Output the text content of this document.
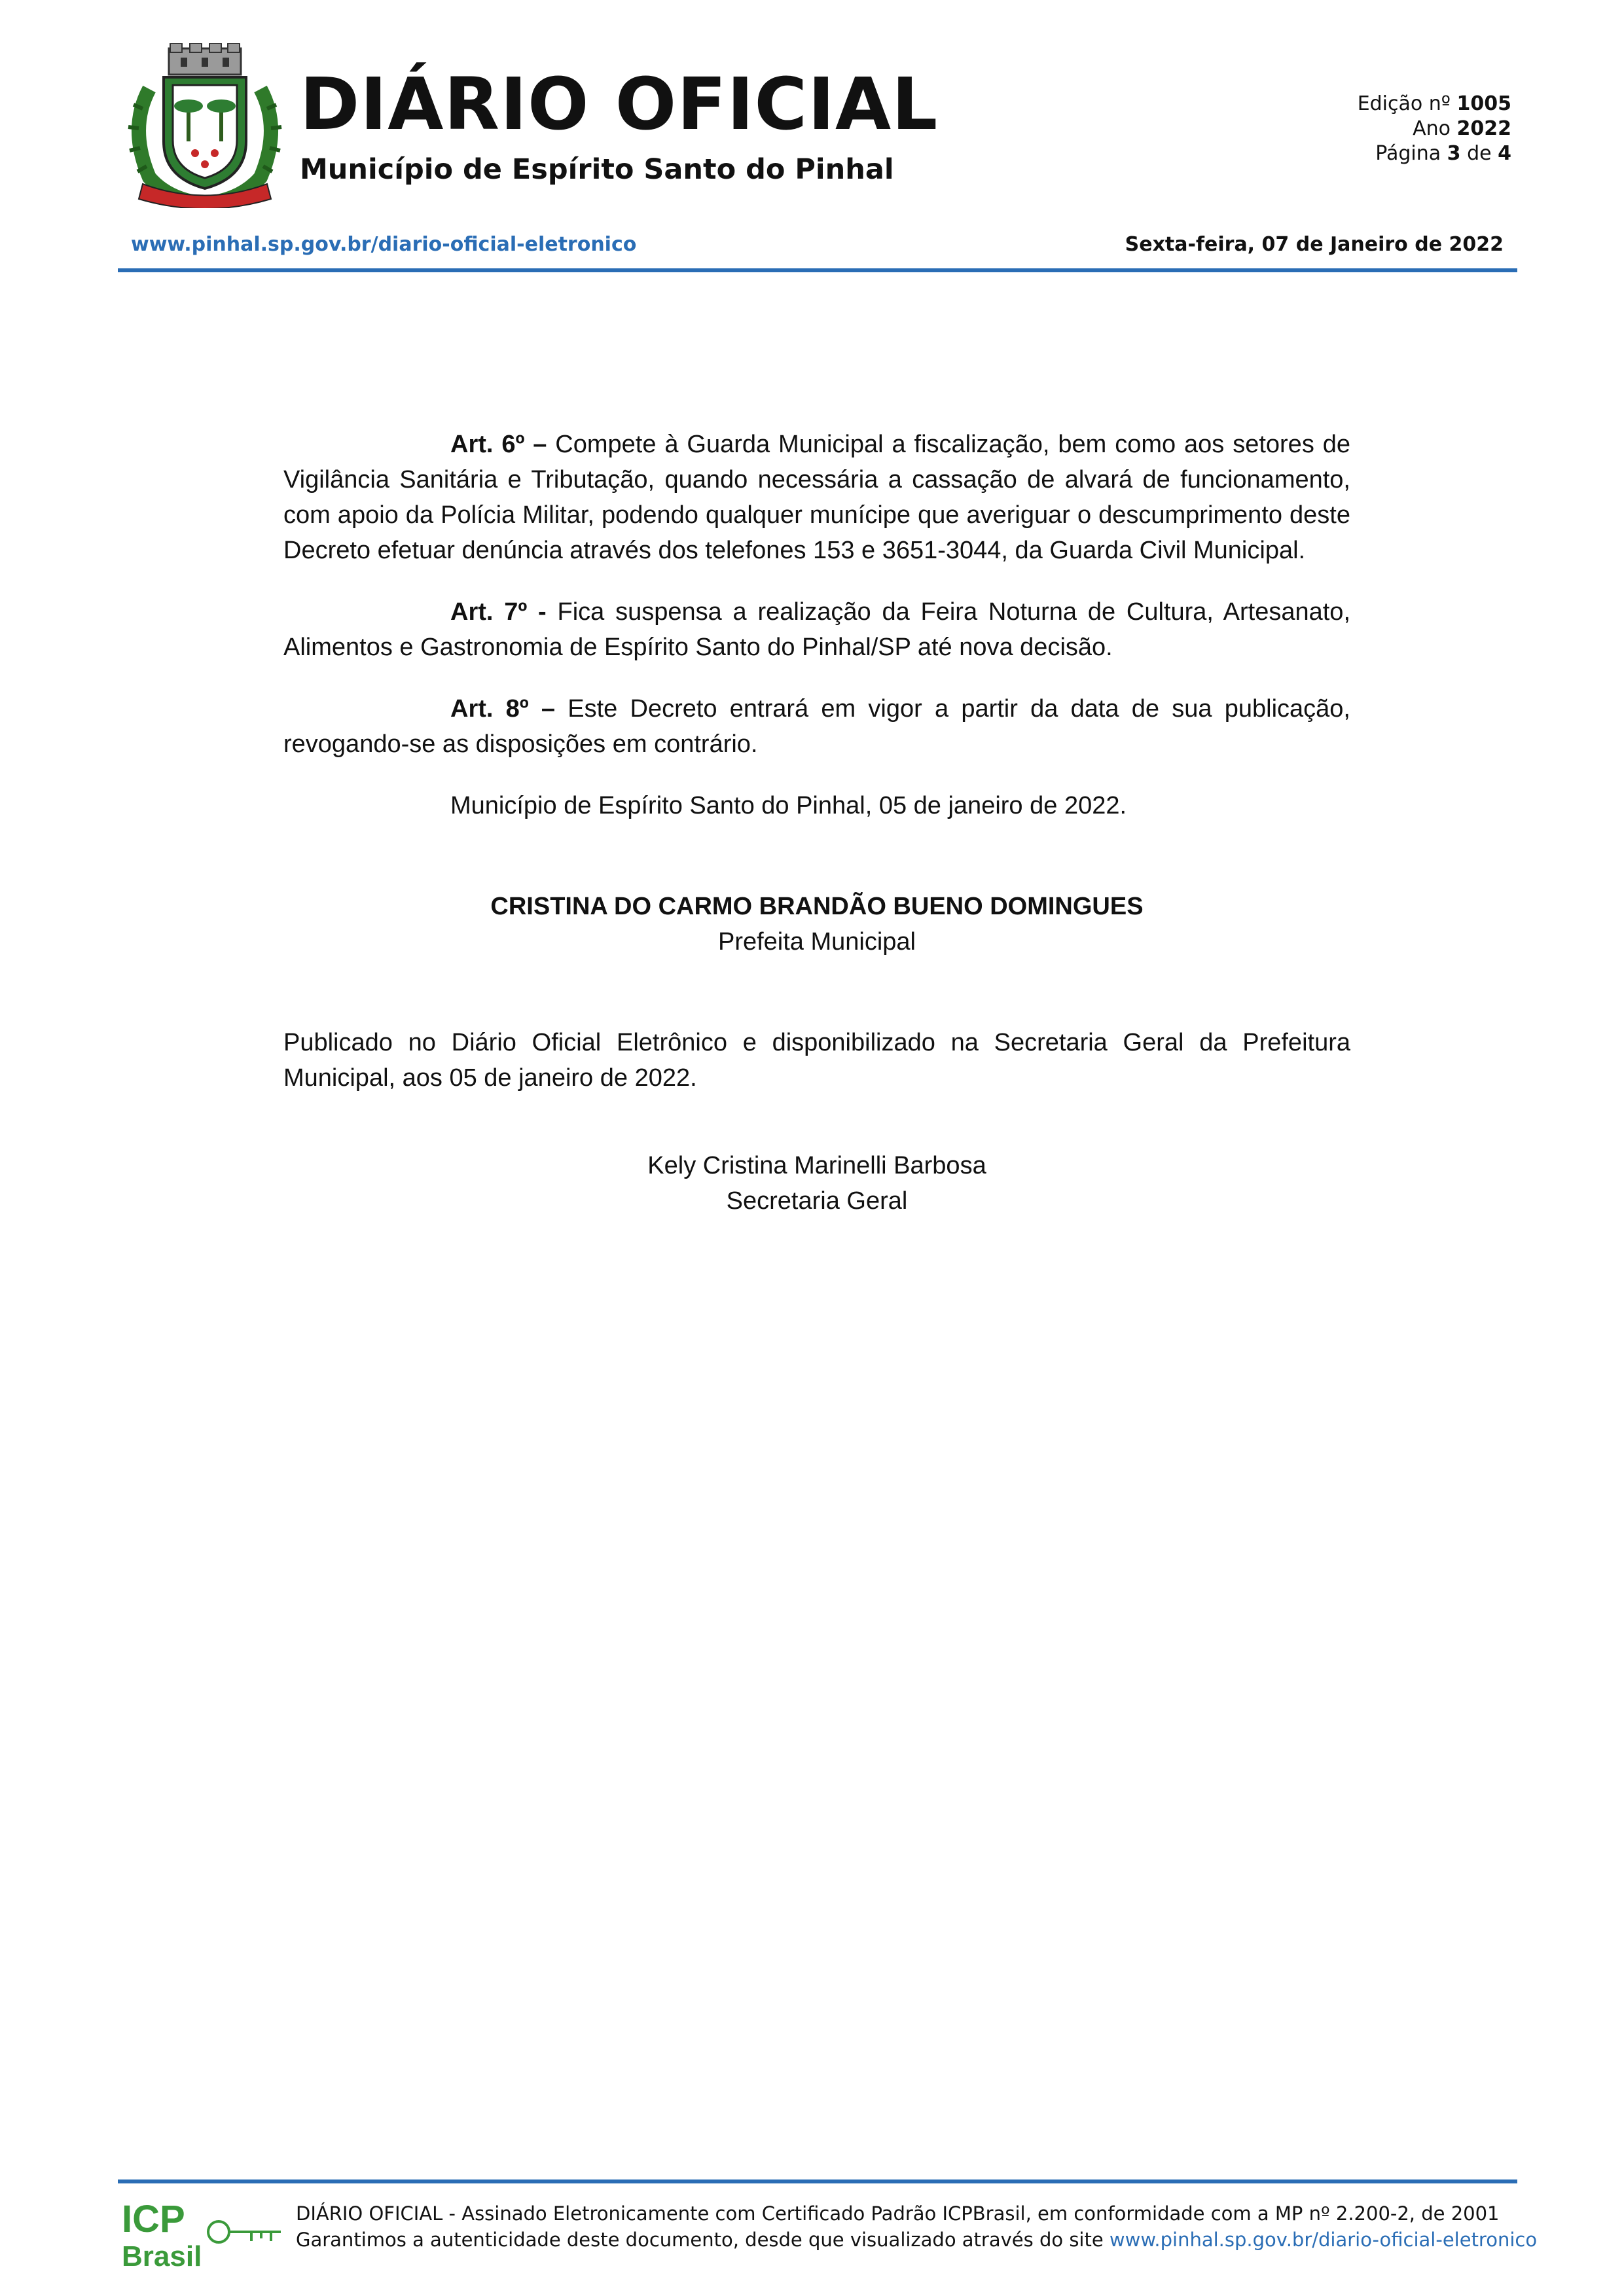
DIÁRIO OFICIAL
Município de Espírito Santo do Pinhal
Edição nº 1005
Ano 2022
Página 3 de 4
www.pinhal.sp.gov.br/diario-oficial-eletronico	Sexta-feira, 07 de Janeiro de 2022

Art. 6º – Compete à Guarda Municipal a fiscalização, bem como aos setores de Vigilância Sanitária e Tributação, quando necessária a cassação de alvará de funcionamento, com apoio da Polícia Militar, podendo qualquer munícipe que averiguar o descumprimento deste Decreto efetuar denúncia através dos telefones 153 e 3651-3044, da Guarda Civil Municipal.

Art. 7º - Fica suspensa a realização da Feira Noturna de Cultura, Artesanato, Alimentos e Gastronomia de Espírito Santo do Pinhal/SP até nova decisão.

Art. 8º – Este Decreto entrará em vigor a partir da data de sua publicação, revogando-se as disposições em contrário.

Município de Espírito Santo do Pinhal, 05 de janeiro de 2022.

CRISTINA DO CARMO BRANDÃO BUENO DOMINGUES
Prefeita Municipal

Publicado no Diário Oficial Eletrônico e disponibilizado na Secretaria Geral da Prefeitura Municipal, aos 05 de janeiro de 2022.

Kely Cristina Marinelli Barbosa
Secretaria Geral
ICP
Brasil
DIÁRIO OFICIAL - Assinado Eletronicamente com Certificado Padrão ICPBrasil, em conformidade com a MP nº 2.200-2, de 2001
Garantimos a autenticidade deste documento, desde que visualizado através do site www.pinhal.sp.gov.br/diario-oficial-eletronico
